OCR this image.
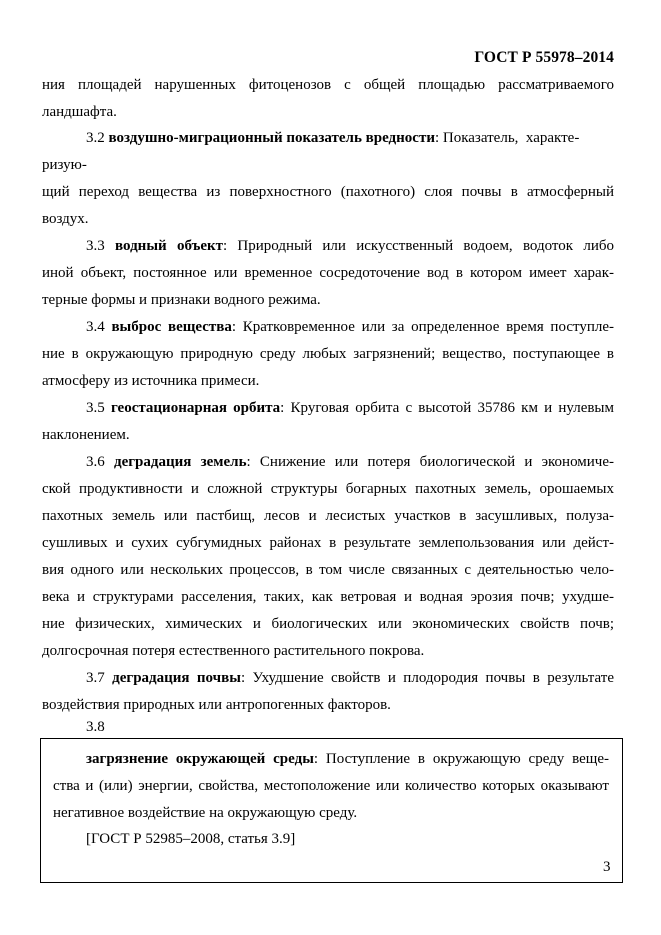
ГОСТ Р 55978–2014
ния площадей нарушенных фитоценозов с общей площадью рассматриваемого
ландшафта.
3.2 воздушно-миграционный показатель вредности: Показатель, характе-
ризую-
щий переход вещества из поверхностного (пахотного) слоя почвы в атмосферный
воздух.
3.3 водный объект: Природный или искусственный водоем, водоток либо
иной объект, постоянное или временное сосредоточение вод в котором имеет харак-
терные формы и признаки водного режима.
3.4 выброс вещества: Кратковременное или за определенное время поступле-
ние в окружающую природную среду любых загрязнений; вещество, поступающее в
атмосферу из источника примеси.
3.5 геостационарная орбита: Круговая орбита с высотой 35786 км и нулевым
наклонением.
3.6 деградация земель: Снижение или потеря биологической и экономиче-
ской продуктивности и сложной структуры богарных пахотных земель, орошаемых
пахотных земель или пастбищ, лесов и лесистых участков в засушливых, полуза-
сушливых и сухих субгумидных районах в результате землепользования или дейст-
вия одного или нескольких процессов, в том числе связанных с деятельностью чело-
века и структурами расселения, таких, как ветровая и водная эрозия почв; ухудше-
ние физических, химических и биологических или экономических свойств почв;
долгосрочная потеря естественного растительного покрова.
3.7 деградация почвы: Ухудшение свойств и плодородия почвы в результате
воздействия природных или антропогенных факторов.
3.8
загрязнение окружающей среды: Поступление в окружающую среду веще-
ства и (или) энергии, свойства, местоположение или количество которых оказывают
негативное воздействие на окружающую среду.
[ГОСТ Р 52985–2008, статья 3.9]
3
